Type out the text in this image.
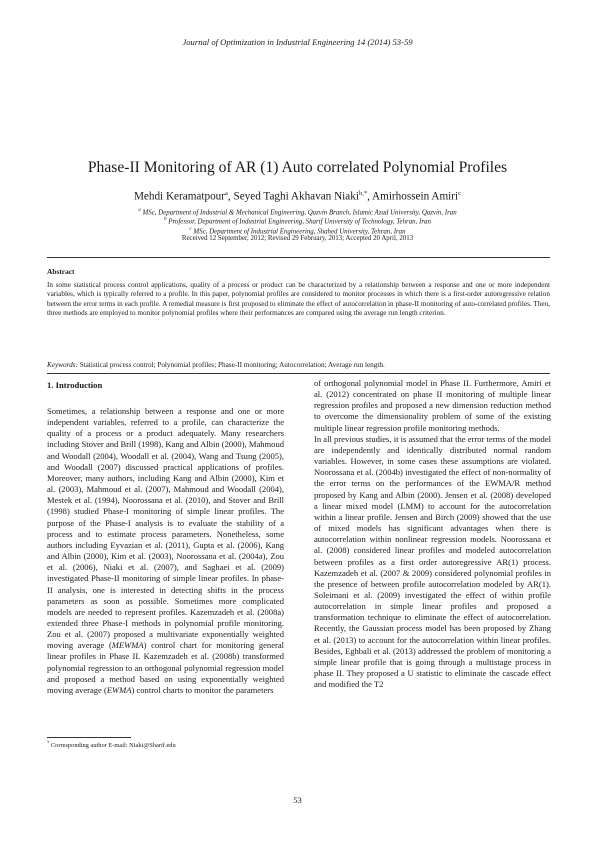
Journal of Optimization in Industrial Engineering 14 (2014) 53-59
Phase-II Monitoring of AR (1) Auto correlated Polynomial Profiles
Mehdi Keramatpour$^a$, Seyed Taghi Akhavan Niaki$^{b,*}$, Amirhossein Amiri$^c$
$^a$ MSc, Department of Industrial & Mechanical Engineering, Qazvin Branch, Islamic Azad University, Qazvin, Iran
$^b$ Professor, Department of Industrial Engineering, Sharif University of Technology, Tehran, Iran
$^c$ MSc, Department of Industrial Engineering, Shahed University, Tehran, Iran
Received 12 September, 2012; Revised 29 February, 2013; Accepted 20 April, 2013
Abstract
In some statistical process control applications, quality of a process or product can be characterized by a relationship between a response and one or more independent variables, which is typically referred to a profile. In this paper, polynomial profiles are considered to monitor processes in which there is a first-order autoregressive relation between the error terms in each profile. A remedial measure is first proposed to eliminate the effect of autocorrelation in phase-II monitoring of auto-correlated profiles. Then, three methods are employed to monitor polynomial profiles where their performances are compared using the average run length criterion.
Keywords: Statistical process control; Polynomial profiles; Phase-II monitoring; Autocorrelation; Average run length.
1. Introduction

Sometimes, a relationship between a response and one or more independent variables, referred to a profile, can characterize the quality of a process or a product adequately. Many researchers including Stover and Brill (1998), Kang and Albin (2000), Mahmoud and Woodall (2004), Woodall et al. (2004), Wang and Tsung (2005), and Woodall (2007) discussed practical applications of profiles. Moreover, many authors, including Kang and Albin (2000), Kim et al. (2003), Mahmoud et al. (2007), Mahmoud and Woodall (2004), Mestek et al. (1994), Noorossana et al. (2010), and Stover and Brill (1998) studied Phase-I monitoring of simple linear profiles. The purpose of the Phase-I analysis is to evaluate the stability of a process and to estimate process parameters. Nonetheless, some authors including Eyvazian et al. (2011), Gupta et al. (2006), Kang and Albin (2000), Kim et al. (2003), Noorossana et al. (2004a), Zou et al. (2006), Niaki et al. (2007), and Saghaei et al. (2009) investigated Phase-II monitoring of simple linear profiles. In phase-II analysis, one is interested in detecting shifts in the process parameters as soon as possible. Sometimes more complicated models are needed to represent profiles. Kazemzadeh et al. (2008a) extended three Phase-I methods in polynomial profile monitoring. Zou et al. (2007) proposed a multivariate exponentially weighted moving average (MEWMA) control chart for monitoring general linear profiles in Phase II. Kazemzadeh et al. (2008b) transformed polynomial regression to an orthogonal polynomial regression model and proposed a method based on using exponentially weighted moving average (EWMA) control charts to monitor the parameters

of orthogonal polynomial model in Phase II. Furthermore, Amiri et al. (2012) concentrated on phase II monitoring of multiple linear regression profiles and proposed a new dimension reduction method to overcome the dimensionality problem of some of the existing multiple linear regression profile monitoring methods.

In all previous studies, it is assumed that the error terms of the model are independently and identically distributed normal random variables. However, in some cases these assumptions are violated. Noorossana et al. (2004b) investigated the effect of non-normality of the error terms on the performances of the EWMA/R method proposed by Kang and Albin (2000). Jensen et al. (2008) developed a linear mixed model (LMM) to account for the autocorrelation within a linear profile. Jensen and Birch (2009) showed that the use of mixed models has significant advantages when there is autocorrelation within nonlinear regression models. Noorossana et al. (2008) considered linear profiles and modeled autocorrelation between profiles as a first order autoregressive AR(1) process. Kazemzadeh et al. (2007 & 2009) considered polynomial profiles in the presence of between profile autocorrelation modeled by AR(1). Soleimani et al. (2009) investigated the effect of within profile autocorrelation in simple linear profiles and proposed a transformation technique to eliminate the effect of autocorrelation. Recently, the Gaussian process model has been proposed by Zhang et al. (2013) to account for the autocorrelation within linear profiles. Besides, Eghbali et al. (2013) addressed the problem of monitoring a simple linear profile that is going through a multistage process in phase II. They proposed a U statistic to eliminate the cascade effect and modified the T2

* Corresponding author E-mail: Niaki@Sharif.edu
53
